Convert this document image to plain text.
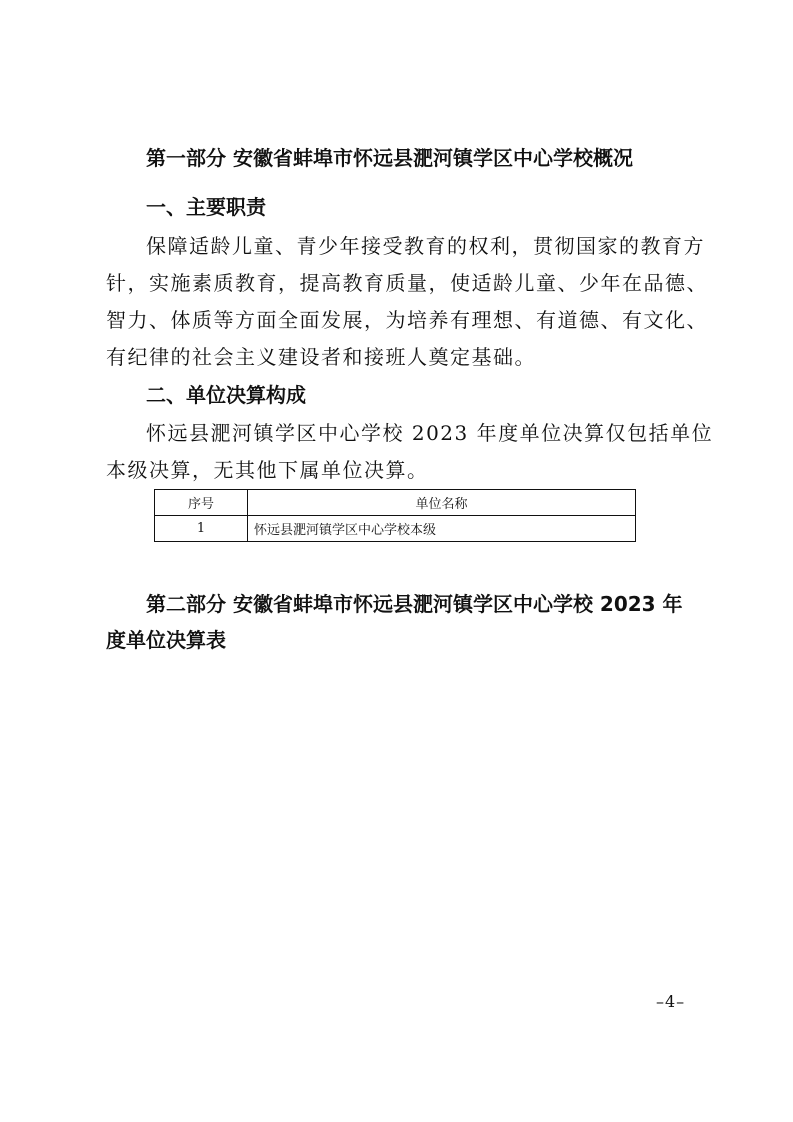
第一部分 安徽省蚌埠市怀远县淝河镇学区中心学校概况
一、主要职责
保障适龄儿童、青少年接受教育的权利，贯彻国家的教育方
针，实施素质教育，提高教育质量，使适龄儿童、少年在品德、
智力、体质等方面全面发展，为培养有理想、有道德、有文化、
有纪律的社会主义建设者和接班人奠定基础。
二、单位决算构成
怀远县淝河镇学区中心学校 2023 年度单位决算仅包括单位
本级决算，无其他下属单位决算。
序号	单位名称
1	怀远县淝河镇学区中心学校本级
第二部分 安徽省蚌埠市怀远县淝河镇学区中心学校 2023 年
度单位决算表
–4–
